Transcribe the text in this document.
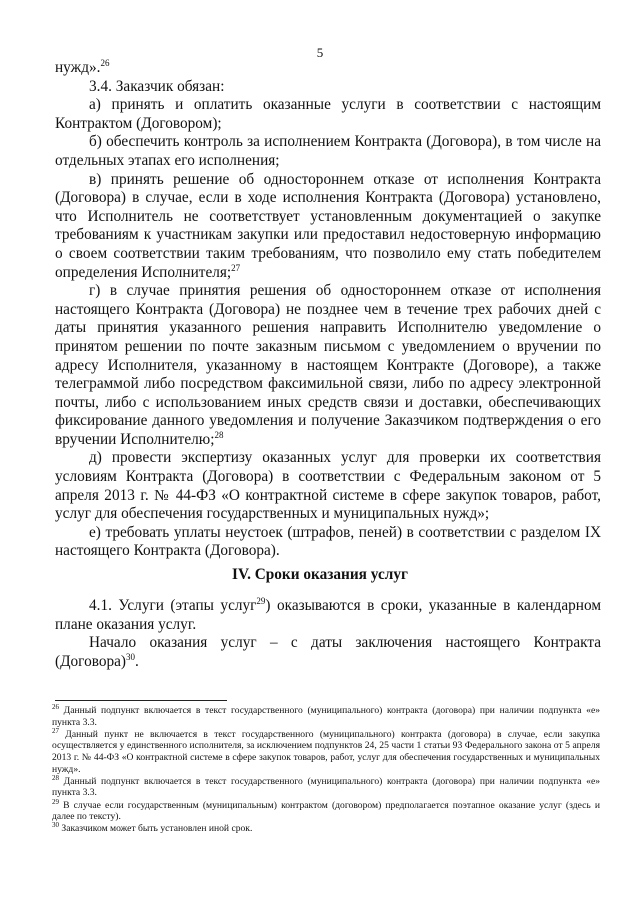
5

нужд».$^{26}$

3.4. Заказчик обязан:

а) принять и оплатить оказанные услуги в соответствии с настоящим Контрактом (Договором);

б) обеспечить контроль за исполнением Контракта (Договора), в том числе на отдельных этапах его исполнения;

в) принять решение об одностороннем отказе от исполнения Контракта (Договора) в случае, если в ходе исполнения Контракта (Договора) установлено, что Исполнитель не соответствует установленным документацией о закупке требованиям к участникам закупки или предоставил недостоверную информацию о своем соответствии таким требованиям, что позволило ему стать победителем определения Исполнителя;$^{27}$

г) в случае принятия решения об одностороннем отказе от исполнения настоящего Контракта (Договора) не позднее чем в течение трех рабочих дней с даты принятия указанного решения направить Исполнителю уведомление о принятом решении по почте заказным письмом с уведомлением о вручении по адресу Исполнителя, указанному в настоящем Контракте (Договоре), а также телеграммой либо посредством факсимильной связи, либо по адресу электронной почты, либо с использованием иных средств связи и доставки, обеспечивающих фиксирование данного уведомления и получение Заказчиком подтверждения о его вручении Исполнителю;$^{28}$

д) провести экспертизу оказанных услуг для проверки их соответствия условиям Контракта (Договора) в соответствии с Федеральным законом от 5 апреля 2013 г. № 44-ФЗ «О контрактной системе в сфере закупок товаров, работ, услуг для обеспечения государственных и муниципальных нужд»;

е) требовать уплаты неустоек (штрафов, пеней) в соответствии с разделом IX настоящего Контракта (Договора).

IV. Сроки оказания услуг

4.1. Услуги (этапы услуг$^{29}$) оказываются в сроки, указанные в календарном плане оказания услуг.

Начало оказания услуг – с даты заключения настоящего Контракта (Договора)$^{30}$.

$^{26}$ Данный подпункт включается в текст государственного (муниципального) контракта (договора) при наличии подпункта «е» пункта 3.3.

$^{27}$ Данный пункт не включается в текст государственного (муниципального) контракта (договора) в случае, если закупка осуществляется у единственного исполнителя, за исключением подпунктов 24, 25 части 1 статьи 93 Федерального закона от 5 апреля 2013 г. № 44-ФЗ «О контрактной системе в сфере закупок товаров, работ, услуг для обеспечения государственных и муниципальных нужд».

$^{28}$ Данный подпункт включается в текст государственного (муниципального) контракта (договора) при наличии подпункта «е» пункта 3.3.

$^{29}$ В случае если государственным (муниципальным) контрактом (договором) предполагается поэтапное оказание услуг (здесь и далее по тексту).

$^{30}$ Заказчиком может быть установлен иной срок.
